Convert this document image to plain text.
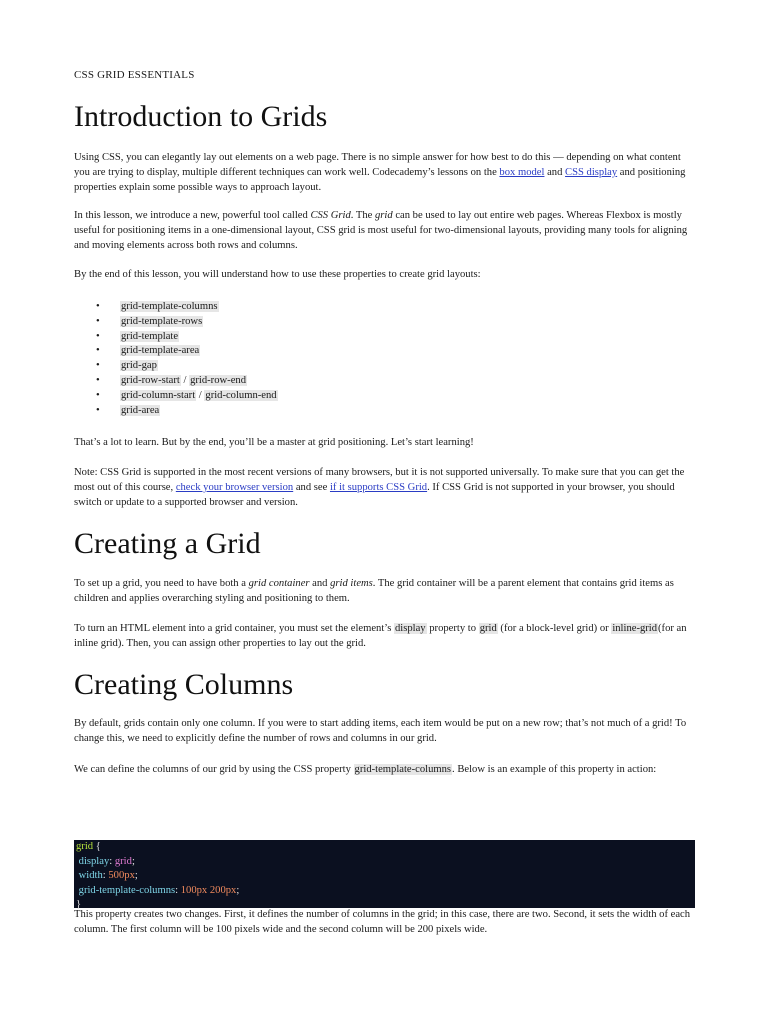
CSS GRID ESSENTIALS
Introduction to Grids

Using CSS, you can elegantly lay out elements on a web page. There is no simple answer for how best to do this — depending on what content you are trying to display, multiple different techniques can work well. Codecademy’s lessons on the box model and CSS display and positioning properties explain some possible ways to approach layout.

In this lesson, we introduce a new, powerful tool called CSS Grid. The grid can be used to lay out entire web pages. Whereas Flexbox is mostly useful for positioning items in a one-dimensional layout, CSS grid is most useful for two-dimensional layouts, providing many tools for aligning and moving elements across both rows and columns.

By the end of this lesson, you will understand how to use these properties to create grid layouts:

• grid-template-columns
• grid-template-rows
• grid-template
• grid-template-area
• grid-gap
• grid-row-start / grid-row-end
• grid-column-start / grid-column-end
• grid-area

That’s a lot to learn. But by the end, you’ll be a master at grid positioning. Let’s start learning!

Note: CSS Grid is supported in the most recent versions of many browsers, but it is not supported universally. To make sure that you can get the most out of this course, check your browser version and see if it supports CSS Grid. If CSS Grid is not supported in your browser, you should switch or update to a supported browser and version.

Creating a Grid

To set up a grid, you need to have both a grid container and grid items. The grid container will be a parent element that contains grid items as children and applies overarching styling and positioning to them.

To turn an HTML element into a grid container, you must set the element’s display property to grid (for a block-level grid) or inline-grid(for an inline grid). Then, you can assign other properties to lay out the grid.

Creating Columns

By default, grids contain only one column. If you were to start adding items, each item would be put on a new row; that’s not much of a grid! To change this, we need to explicitly define the number of rows and columns in our grid.

We can define the columns of our grid by using the CSS property grid-template-columns. Below is an example of this property in action:

grid {
display: grid;
width: 500px;
grid-template-columns: 100px 200px;
}

This property creates two changes. First, it defines the number of columns in the grid; in this case, there are two. Second, it sets the width of each column. The first column will be 100 pixels wide and the second column will be 200 pixels wide.
